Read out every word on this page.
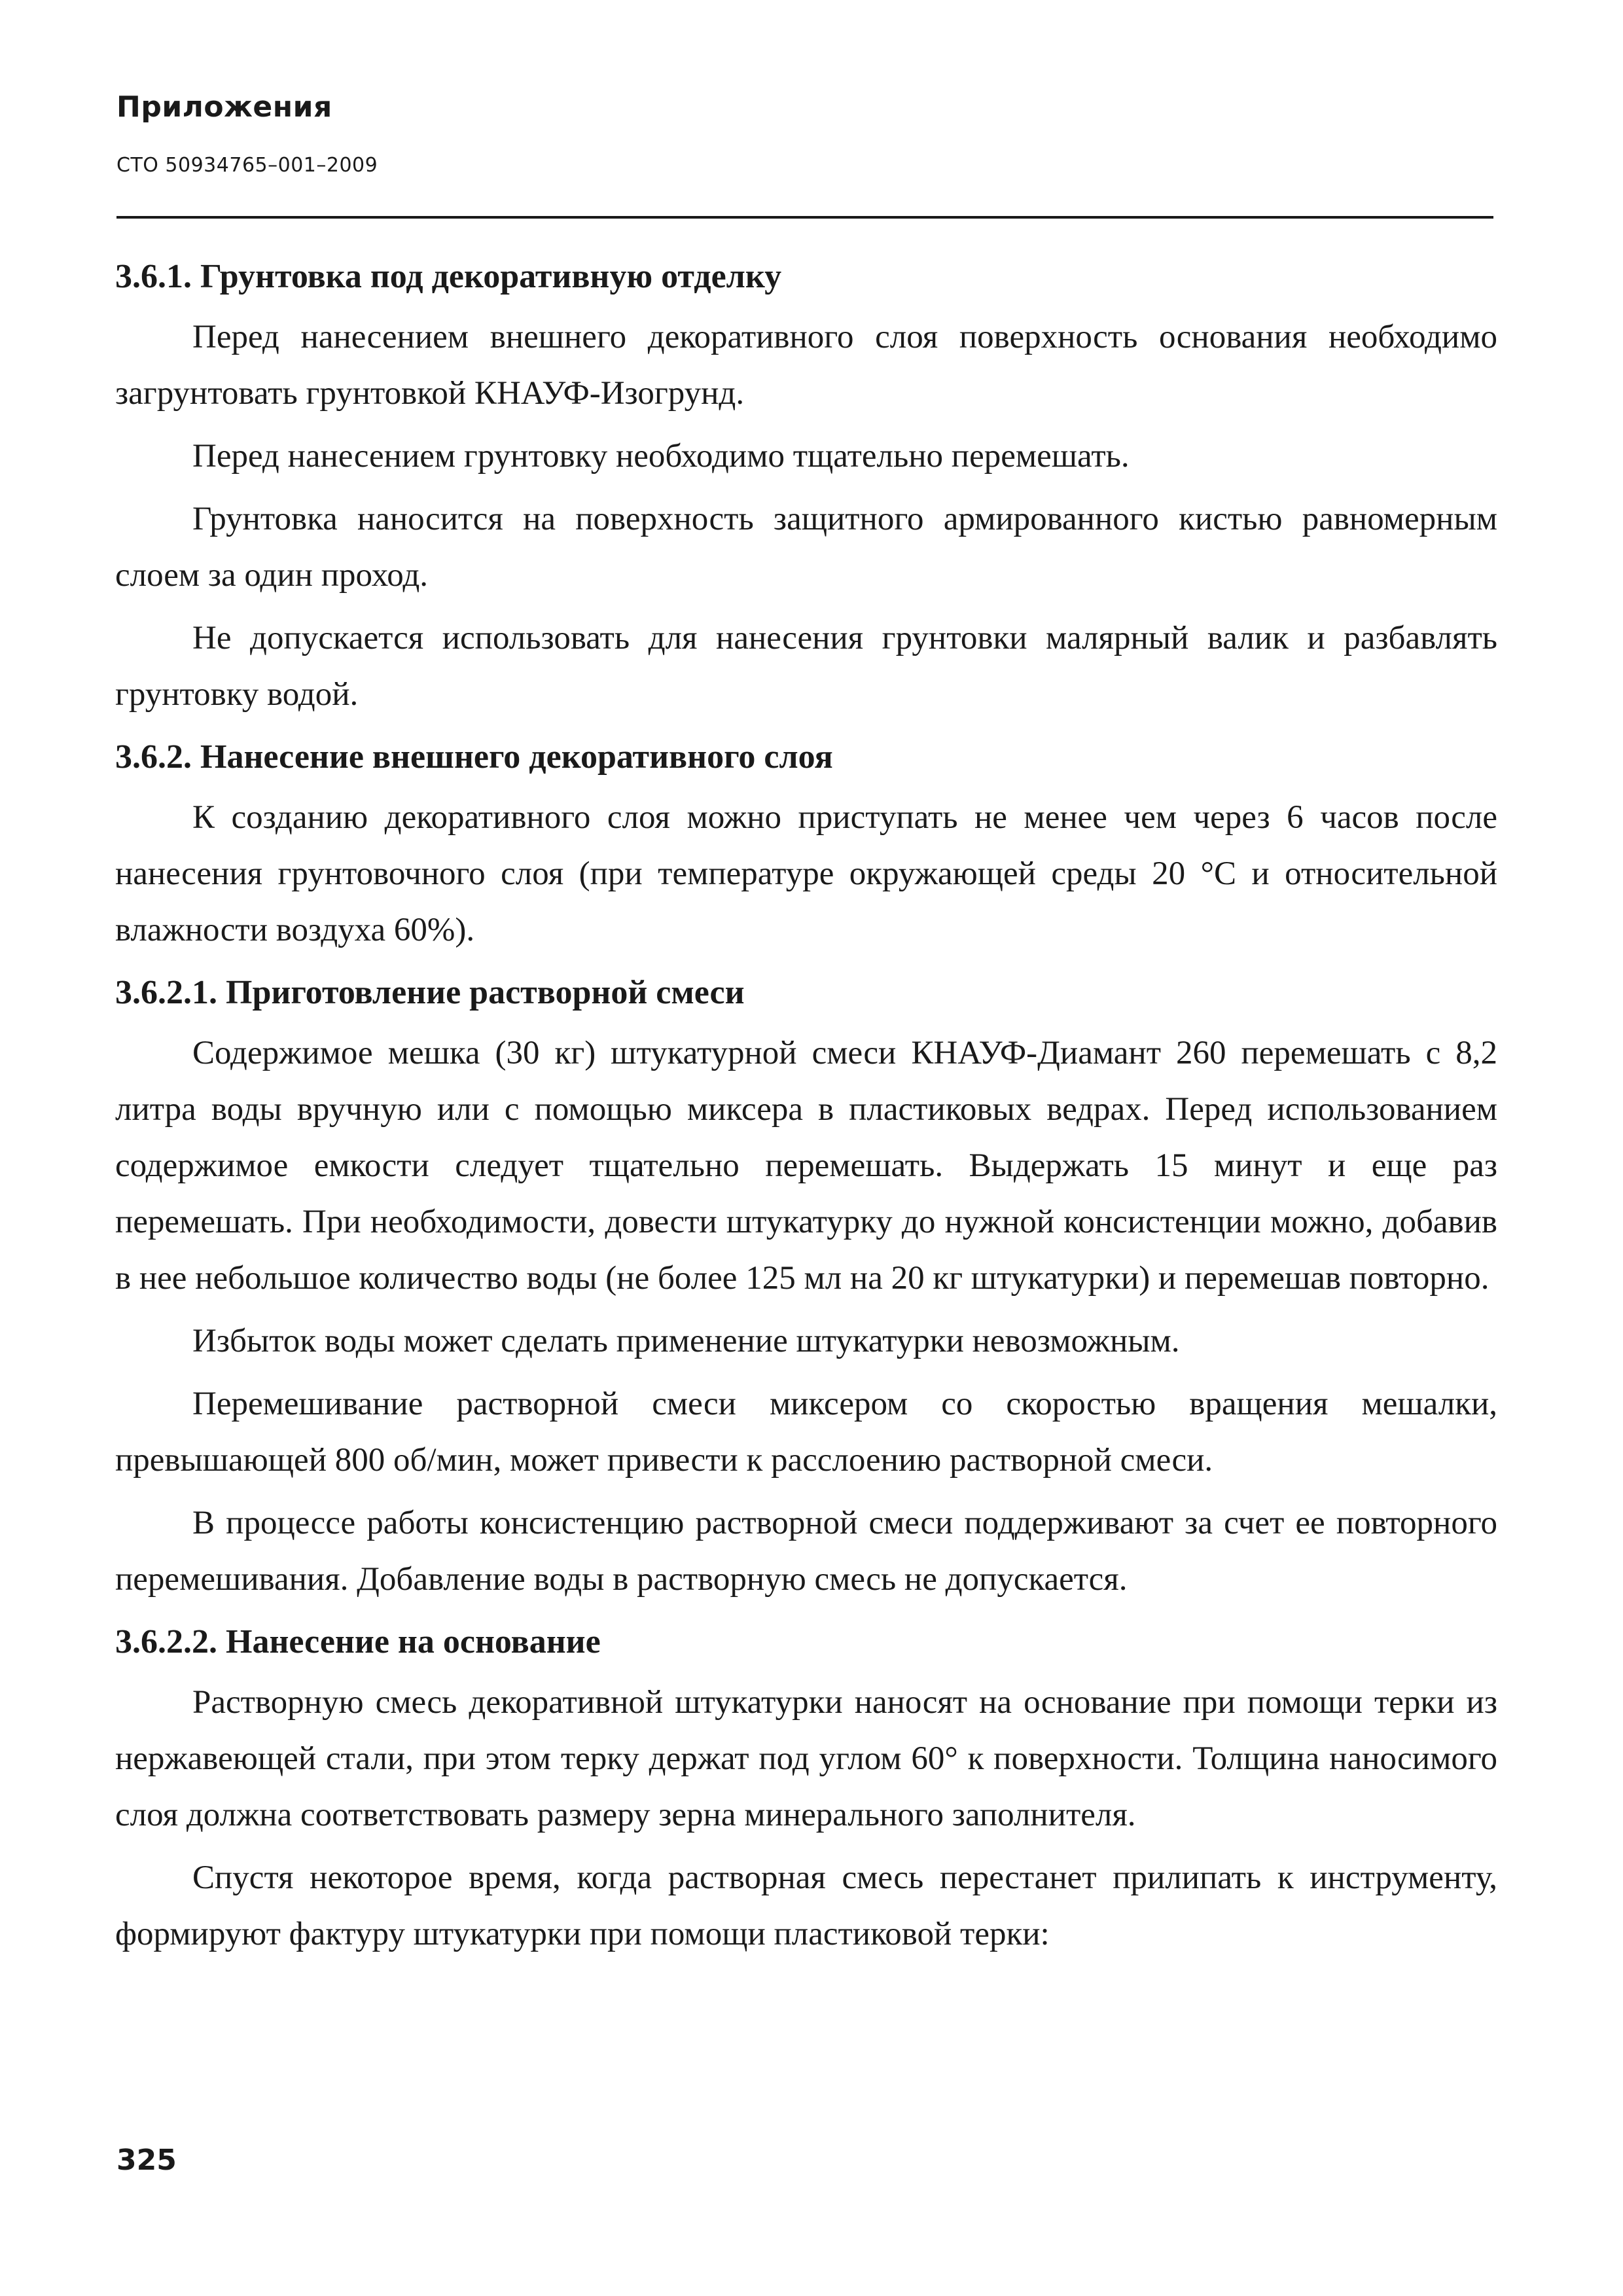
Приложения
СТО 50934765–001–2009
3.6.1. Грунтовка под декоративную отделку

Перед нанесением внешнего декоративного слоя поверхность основания необходимо загрунтовать грунтовкой КНАУФ-Изогрунд.

Перед нанесением грунтовку необходимо тщательно перемешать.

Грунтовка наносится на поверхность защитного армированного кистью равномерным слоем за один проход.

Не допускается использовать для нанесения грунтовки малярный валик и разбавлять грунтовку водой.

3.6.2. Нанесение внешнего декоративного слоя

К созданию декоративного слоя можно приступать не менее чем через 6 часов после нанесения грунтовочного слоя (при температуре окружающей среды 20 °С и относительной влажности воздуха 60%).

3.6.2.1. Приготовление растворной смеси

Содержимое мешка (30 кг) штукатурной смеси КНАУФ-Диамант 260 перемешать с 8,2 литра воды вручную или с помощью миксера в пластиковых ведрах. Перед использованием содержимое емкости следует тщательно перемешать. Выдержать 15 минут и еще раз перемешать. При необходимости, довести штукатурку до нужной консистенции можно, добавив в нее небольшое количество воды (не более 125 мл на 20 кг штукатурки) и перемешав повторно.

Избыток воды может сделать применение штукатурки невозможным.

Перемешивание растворной смеси миксером со скоростью вращения мешалки, превышающей 800 об/мин, может привести к расслоению растворной смеси.

В процессе работы консистенцию растворной смеси поддерживают за счет ее повторного перемешивания. Добавление воды в растворную смесь не допускается.

3.6.2.2. Нанесение на основание

Растворную смесь декоративной штукатурки наносят на основание при помощи терки из нержавеющей стали, при этом терку держат под углом 60° к поверхности. Толщина наносимого слоя должна соответствовать размеру зерна минерального заполнителя.

Спустя некоторое время, когда растворная смесь перестанет прилипать к инструменту, формируют фактуру штукатурки при помощи пластиковой терки:

325
